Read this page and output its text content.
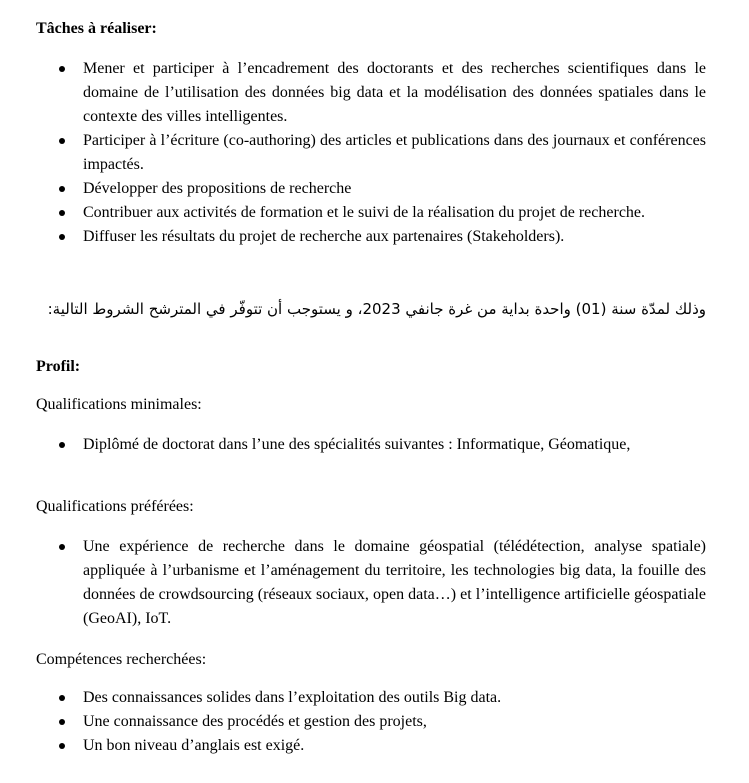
Tâches à réaliser:
Mener et participer à l’encadrement des doctorants et des recherches scientifiques dans le domaine de l’utilisation des données big data et la modélisation des données spatiales dans le contexte des villes intelligentes.
Participer à l’écriture (co-authoring) des articles et publications dans des journaux et conférences impactés.
Développer des propositions de recherche
Contribuer aux activités de formation et le suivi de la réalisation du projet de recherche.
Diffuser les résultats du projet de recherche aux partenaires (Stakeholders).
وذلك لمدّة سنة (01) واحدة بداية من غرة جانفي 2023، و يستوجب أن تتوفّر في المترشح الشروط التالية:
Profil:
Qualifications minimales:
Diplômé de doctorat dans l’une des spécialités suivantes : Informatique, Géomatique,
Qualifications préférées:
Une expérience de recherche dans le domaine géospatial (télédétection, analyse spatiale) appliquée à l’urbanisme et l’aménagement du territoire, les technologies big data, la fouille des données de crowdsourcing (réseaux sociaux, open data…) et l’intelligence artificielle géospatiale (GeoAI), IoT.
Compétences recherchées:
Des connaissances solides dans l’exploitation des outils Big data.
Une connaissance des procédés et gestion des projets,
Un bon niveau d’anglais est exigé.
